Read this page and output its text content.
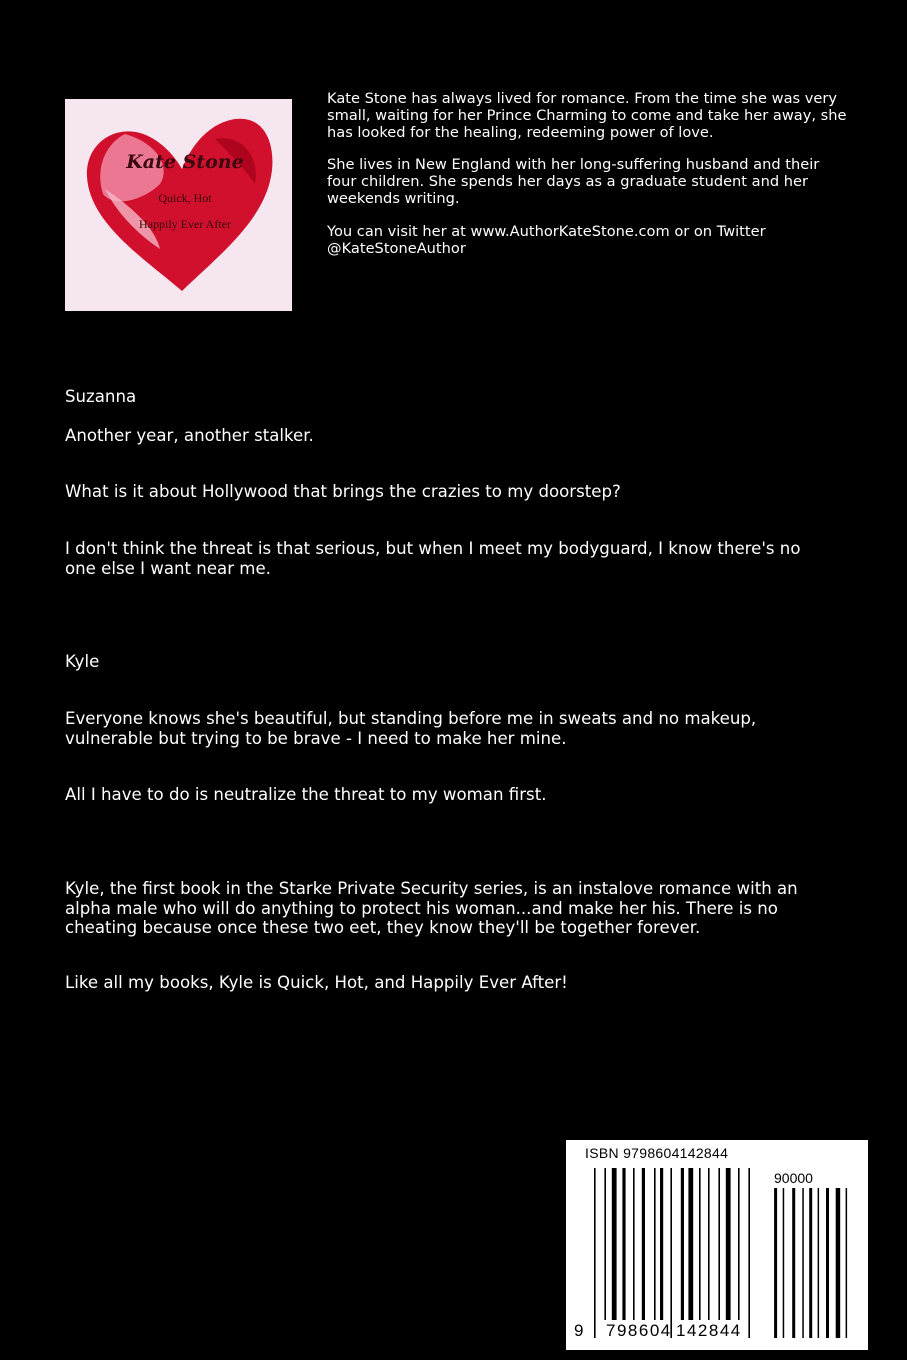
Kate Stone
Quick, Hot
Happily Ever After

Kate Stone has always lived for romance. From the time she was very small, waiting for her Prince Charming to come and take her away, she has looked for the healing, redeeming power of love.

She lives in New England with her long-suffering husband and their four children. She spends her days as a graduate student and her weekends writing.

You can visit her at www.AuthorKateStone.com or on Twitter @KateStoneAuthor

Suzanna

Another year, another stalker.

What is it about Hollywood that brings the crazies to my doorstep?

I don't think the threat is that serious, but when I meet my bodyguard, I know there's no one else I want near me.

Kyle

Everyone knows she's beautiful, but standing before me in sweats and no makeup, vulnerable but trying to be brave - I need to make her mine.

All I have to do is neutralize the threat to my woman first.

Kyle, the first book in the Starke Private Security series, is an instalove romance with an alpha male who will do anything to protect his woman...and make her his. There is no cheating because once these two eet, they know they'll be together forever.

Like all my books, Kyle is Quick, Hot, and Happily Ever After!

ISBN 9798604142844
90000
9 798604 142844
